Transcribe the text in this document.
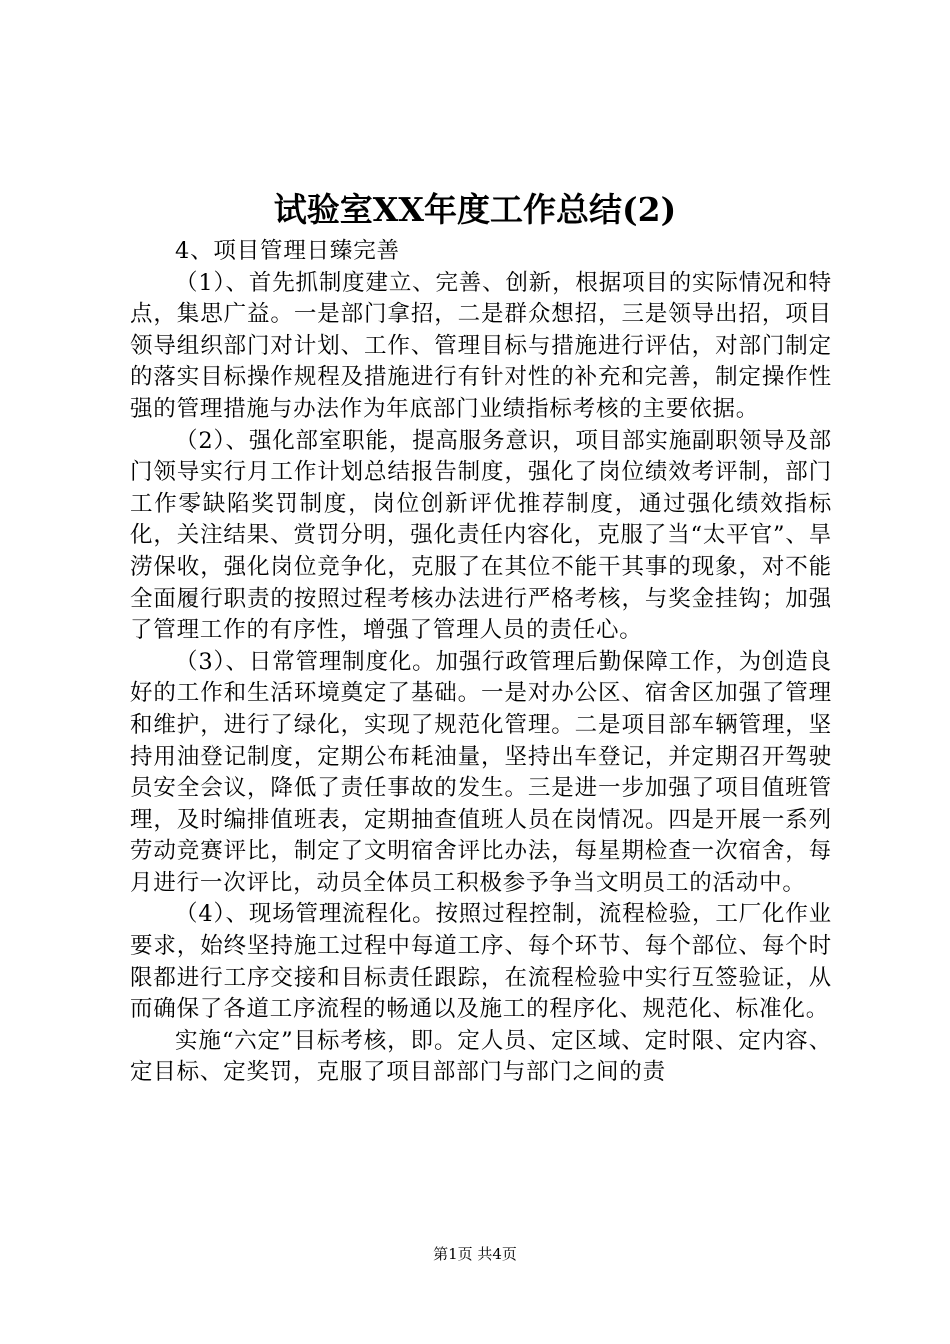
试验室XX年度工作总结(2)

4、项目管理日臻完善

（1）、首先抓制度建立、完善、创新，根据项目的实际情况和特点，集思广益。一是部门拿招，二是群众想招，三是领导出招，项目领导组织部门对计划、工作、管理目标与措施进行评估，对部门制定的落实目标操作规程及措施进行有针对性的补充和完善，制定操作性强的管理措施与办法作为年底部门业绩指标考核的主要依据。

（2）、强化部室职能，提高服务意识，项目部实施副职领导及部门领导实行月工作计划总结报告制度，强化了岗位绩效考评制，部门工作零缺陷奖罚制度，岗位创新评优推荐制度，通过强化绩效指标化，关注结果、赏罚分明，强化责任内容化，克服了当“太平官”、旱涝保收，强化岗位竞争化，克服了在其位不能干其事的现象，对不能全面履行职责的按照过程考核办法进行严格考核，与奖金挂钩；加强了管理工作的有序性，增强了管理人员的责任心。

（3）、日常管理制度化。加强行政管理后勤保障工作，为创造良好的工作和生活环境奠定了基础。一是对办公区、宿舍区加强了管理和维护，进行了绿化，实现了规范化管理。二是项目部车辆管理，坚持用油登记制度，定期公布耗油量，坚持出车登记，并定期召开驾驶员安全会议，降低了责任事故的发生。三是进一步加强了项目值班管理，及时编排值班表，定期抽查值班人员在岗情况。四是开展一系列劳动竞赛评比，制定了文明宿舍评比办法，每星期检查一次宿舍，每月进行一次评比，动员全体员工积极参予争当文明员工的活动中。

（4）、现场管理流程化。按照过程控制，流程检验，工厂化作业要求，始终坚持施工过程中每道工序、每个环节、每个部位、每个时限都进行工序交接和目标责任跟踪，在流程检验中实行互签验证，从而确保了各道工序流程的畅通以及施工的程序化、规范化、标准化。

实施“六定”目标考核，即。定人员、定区域、定时限、定内容、定目标、定奖罚，克服了项目部部门与部门之间的责

第1页 共4页
